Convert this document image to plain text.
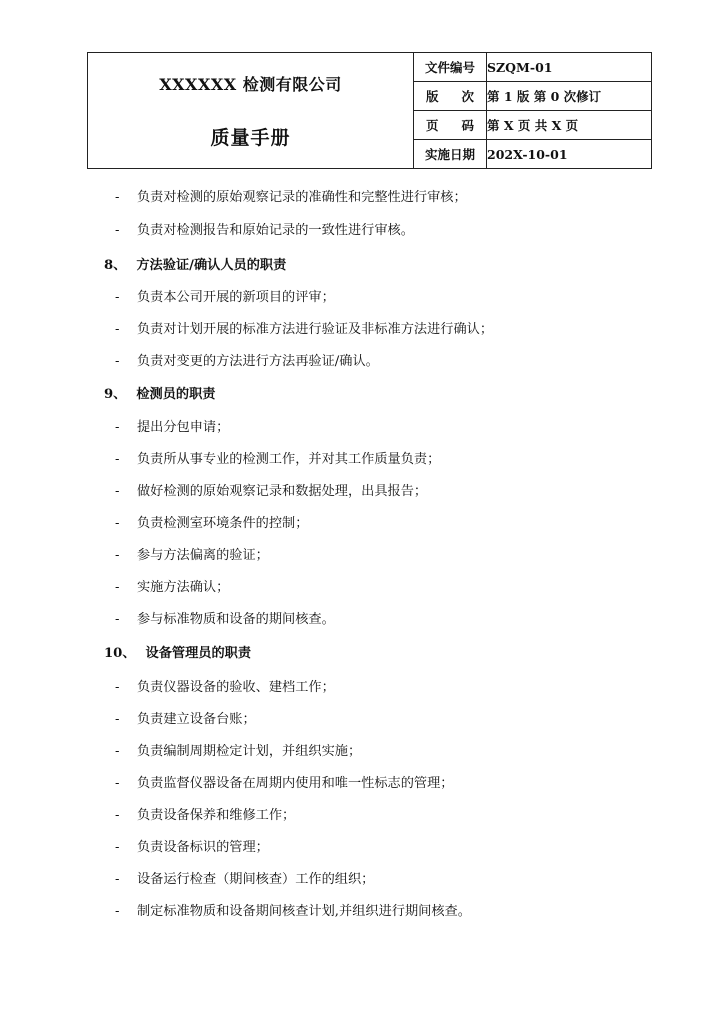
XXXXXX 检测有限公司
质量手册	文件编号	SZQM-01

	版 次	第 1 版 第 0 次修订

	页 码	第 X 页 共 X 页
	实施日期	202X-10-01
- 负责对检测的原始观察记录的准确性和完整性进行审核；
- 负责对检测报告和原始记录的一致性进行审核。
8、 方法验证/确认人员的职责
- 负责本公司开展的新项目的评审；
- 负责对计划开展的标准方法进行验证及非标准方法进行确认；
- 负责对变更的方法进行方法再验证/确认。
9、 检测员的职责
- 提出分包申请；
- 负责所从事专业的检测工作，并对其工作质量负责；
- 做好检测的原始观察记录和数据处理，出具报告；
- 负责检测室环境条件的控制；
- 参与方法偏离的验证；
- 实施方法确认；
- 参与标准物质和设备的期间核查。
10、 设备管理员的职责
- 负责仪器设备的验收、建档工作；
- 负责建立设备台账；
- 负责编制周期检定计划，并组织实施；
- 负责监督仪器设备在周期内使用和唯一性标志的管理；
- 负责设备保养和维修工作；
- 负责设备标识的管理；
- 设备运行检查（期间核查）工作的组织；
- 制定标准物质和设备期间核查计划,并组织进行期间核查。
